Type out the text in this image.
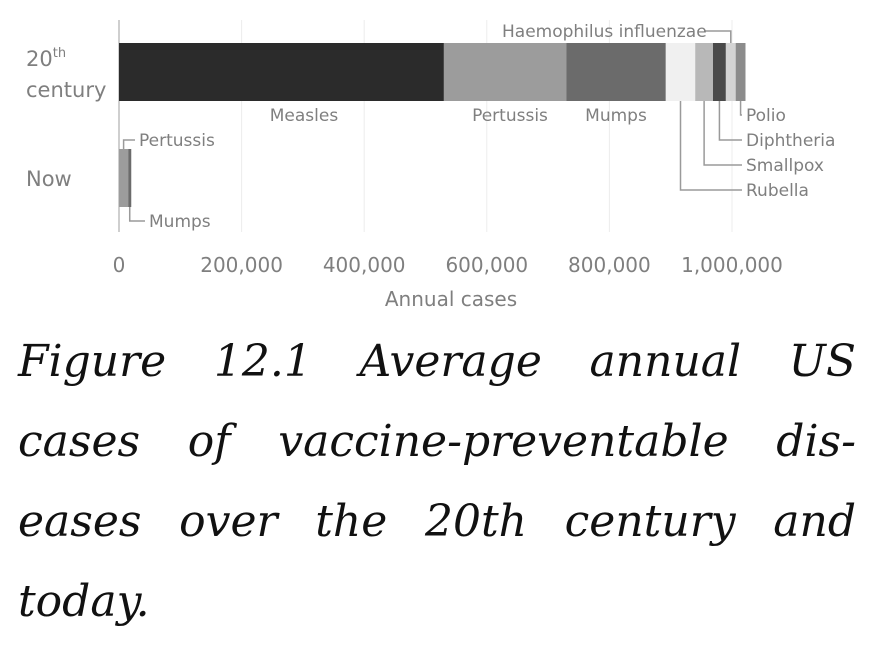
20th century
Now
0	200,000 400,000 600,000 800,000 1,000,000
Annual cases
Measles	Pertussis Mumps
Haemophilus influenzae
Polio
Diphtheria
Smallpox
Rubella
Pertussis
Mumps

Figure 12.1 Average annual US cases of vaccine-preventable dis- eases over the 20th century and today.
